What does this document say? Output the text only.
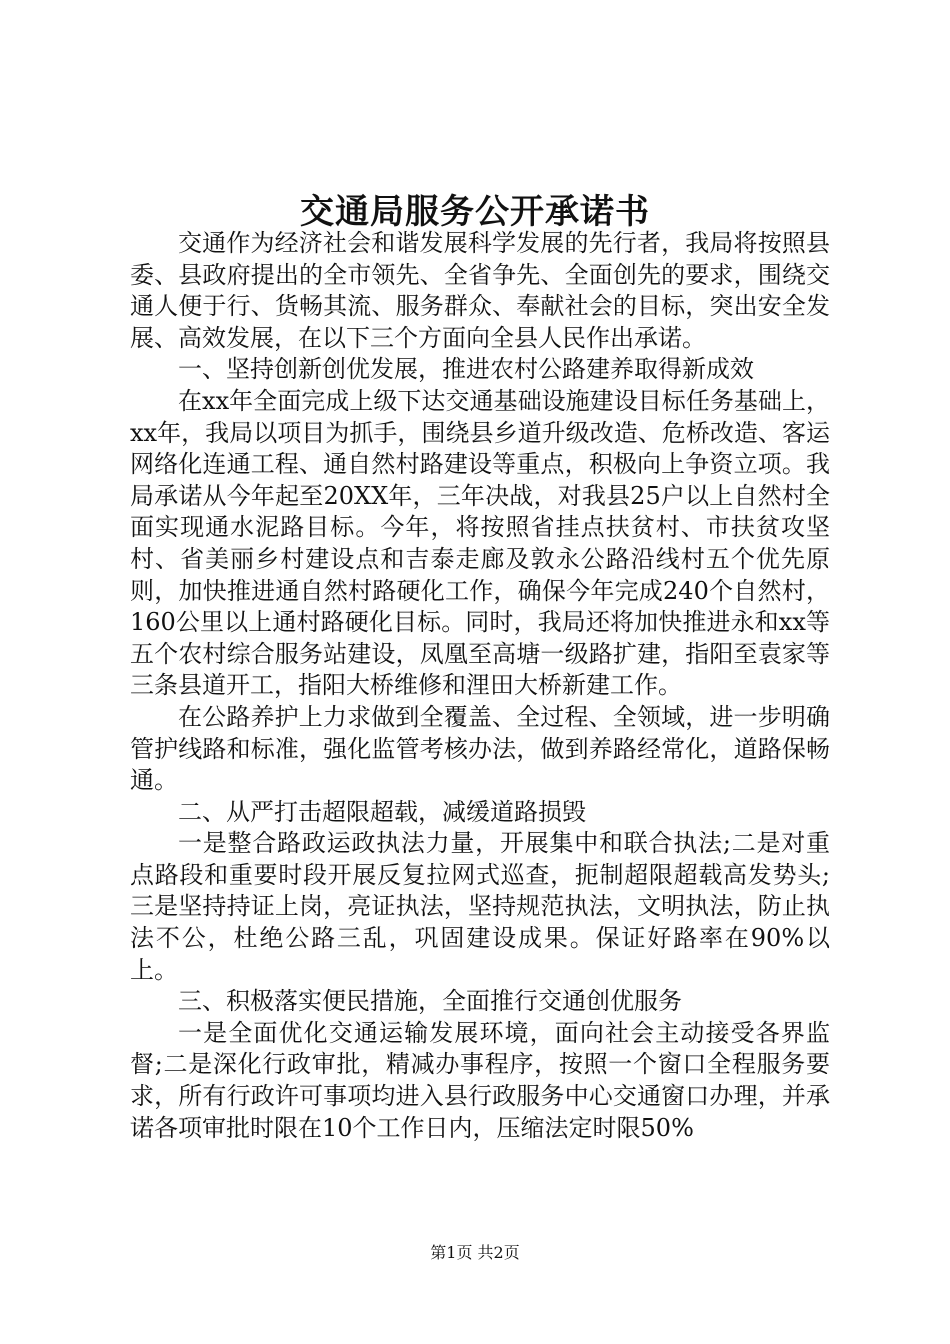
交通局服务公开承诺书

交通作为经济社会和谐发展科学发展的先行者，我局将按照县委、县政府提出的全市领先、全省争先、全面创先的要求，围绕交通人便于行、货畅其流、服务群众、奉献社会的目标，突出安全发展、高效发展，在以下三个方面向全县人民作出承诺。

一、坚持创新创优发展，推进农村公路建养取得新成效

在xx年全面完成上级下达交通基础设施建设目标任务基础上，xx年，我局以项目为抓手，围绕县乡道升级改造、危桥改造、客运网络化连通工程、通自然村路建设等重点，积极向上争资立项。我局承诺从今年起至20XX年，三年决战，对我县25户以上自然村全面实现通水泥路目标。今年，将按照省挂点扶贫村、市扶贫攻坚村、省美丽乡村建设点和吉泰走廊及敦永公路沿线村五个优先原则，加快推进通自然村路硬化工作，确保今年完成240个自然村，160公里以上通村路硬化目标。同时，我局还将加快推进永和xx等五个农村综合服务站建设，凤凰至高塘一级路扩建，指阳至袁家等三条县道开工，指阳大桥维修和浬田大桥新建工作。

在公路养护上力求做到全覆盖、全过程、全领域，进一步明确管护线路和标准，强化监管考核办法，做到养路经常化，道路保畅通。

二、从严打击超限超载，减缓道路损毁

一是整合路政运政执法力量，开展集中和联合执法;二是对重点路段和重要时段开展反复拉网式巡查，扼制超限超载高发势头;三是坚持持证上岗，亮证执法，坚持规范执法，文明执法，防止执法不公，杜绝公路三乱，巩固建设成果。保证好路率在90%以上。

三、积极落实便民措施，全面推行交通创优服务

一是全面优化交通运输发展环境，面向社会主动接受各界监督;二是深化行政审批，精减办事程序，按照一个窗口全程服务要求，所有行政许可事项均进入县行政服务中心交通窗口办理，并承诺各项审批时限在10个工作日内，压缩法定时限50%

第1页 共2页
